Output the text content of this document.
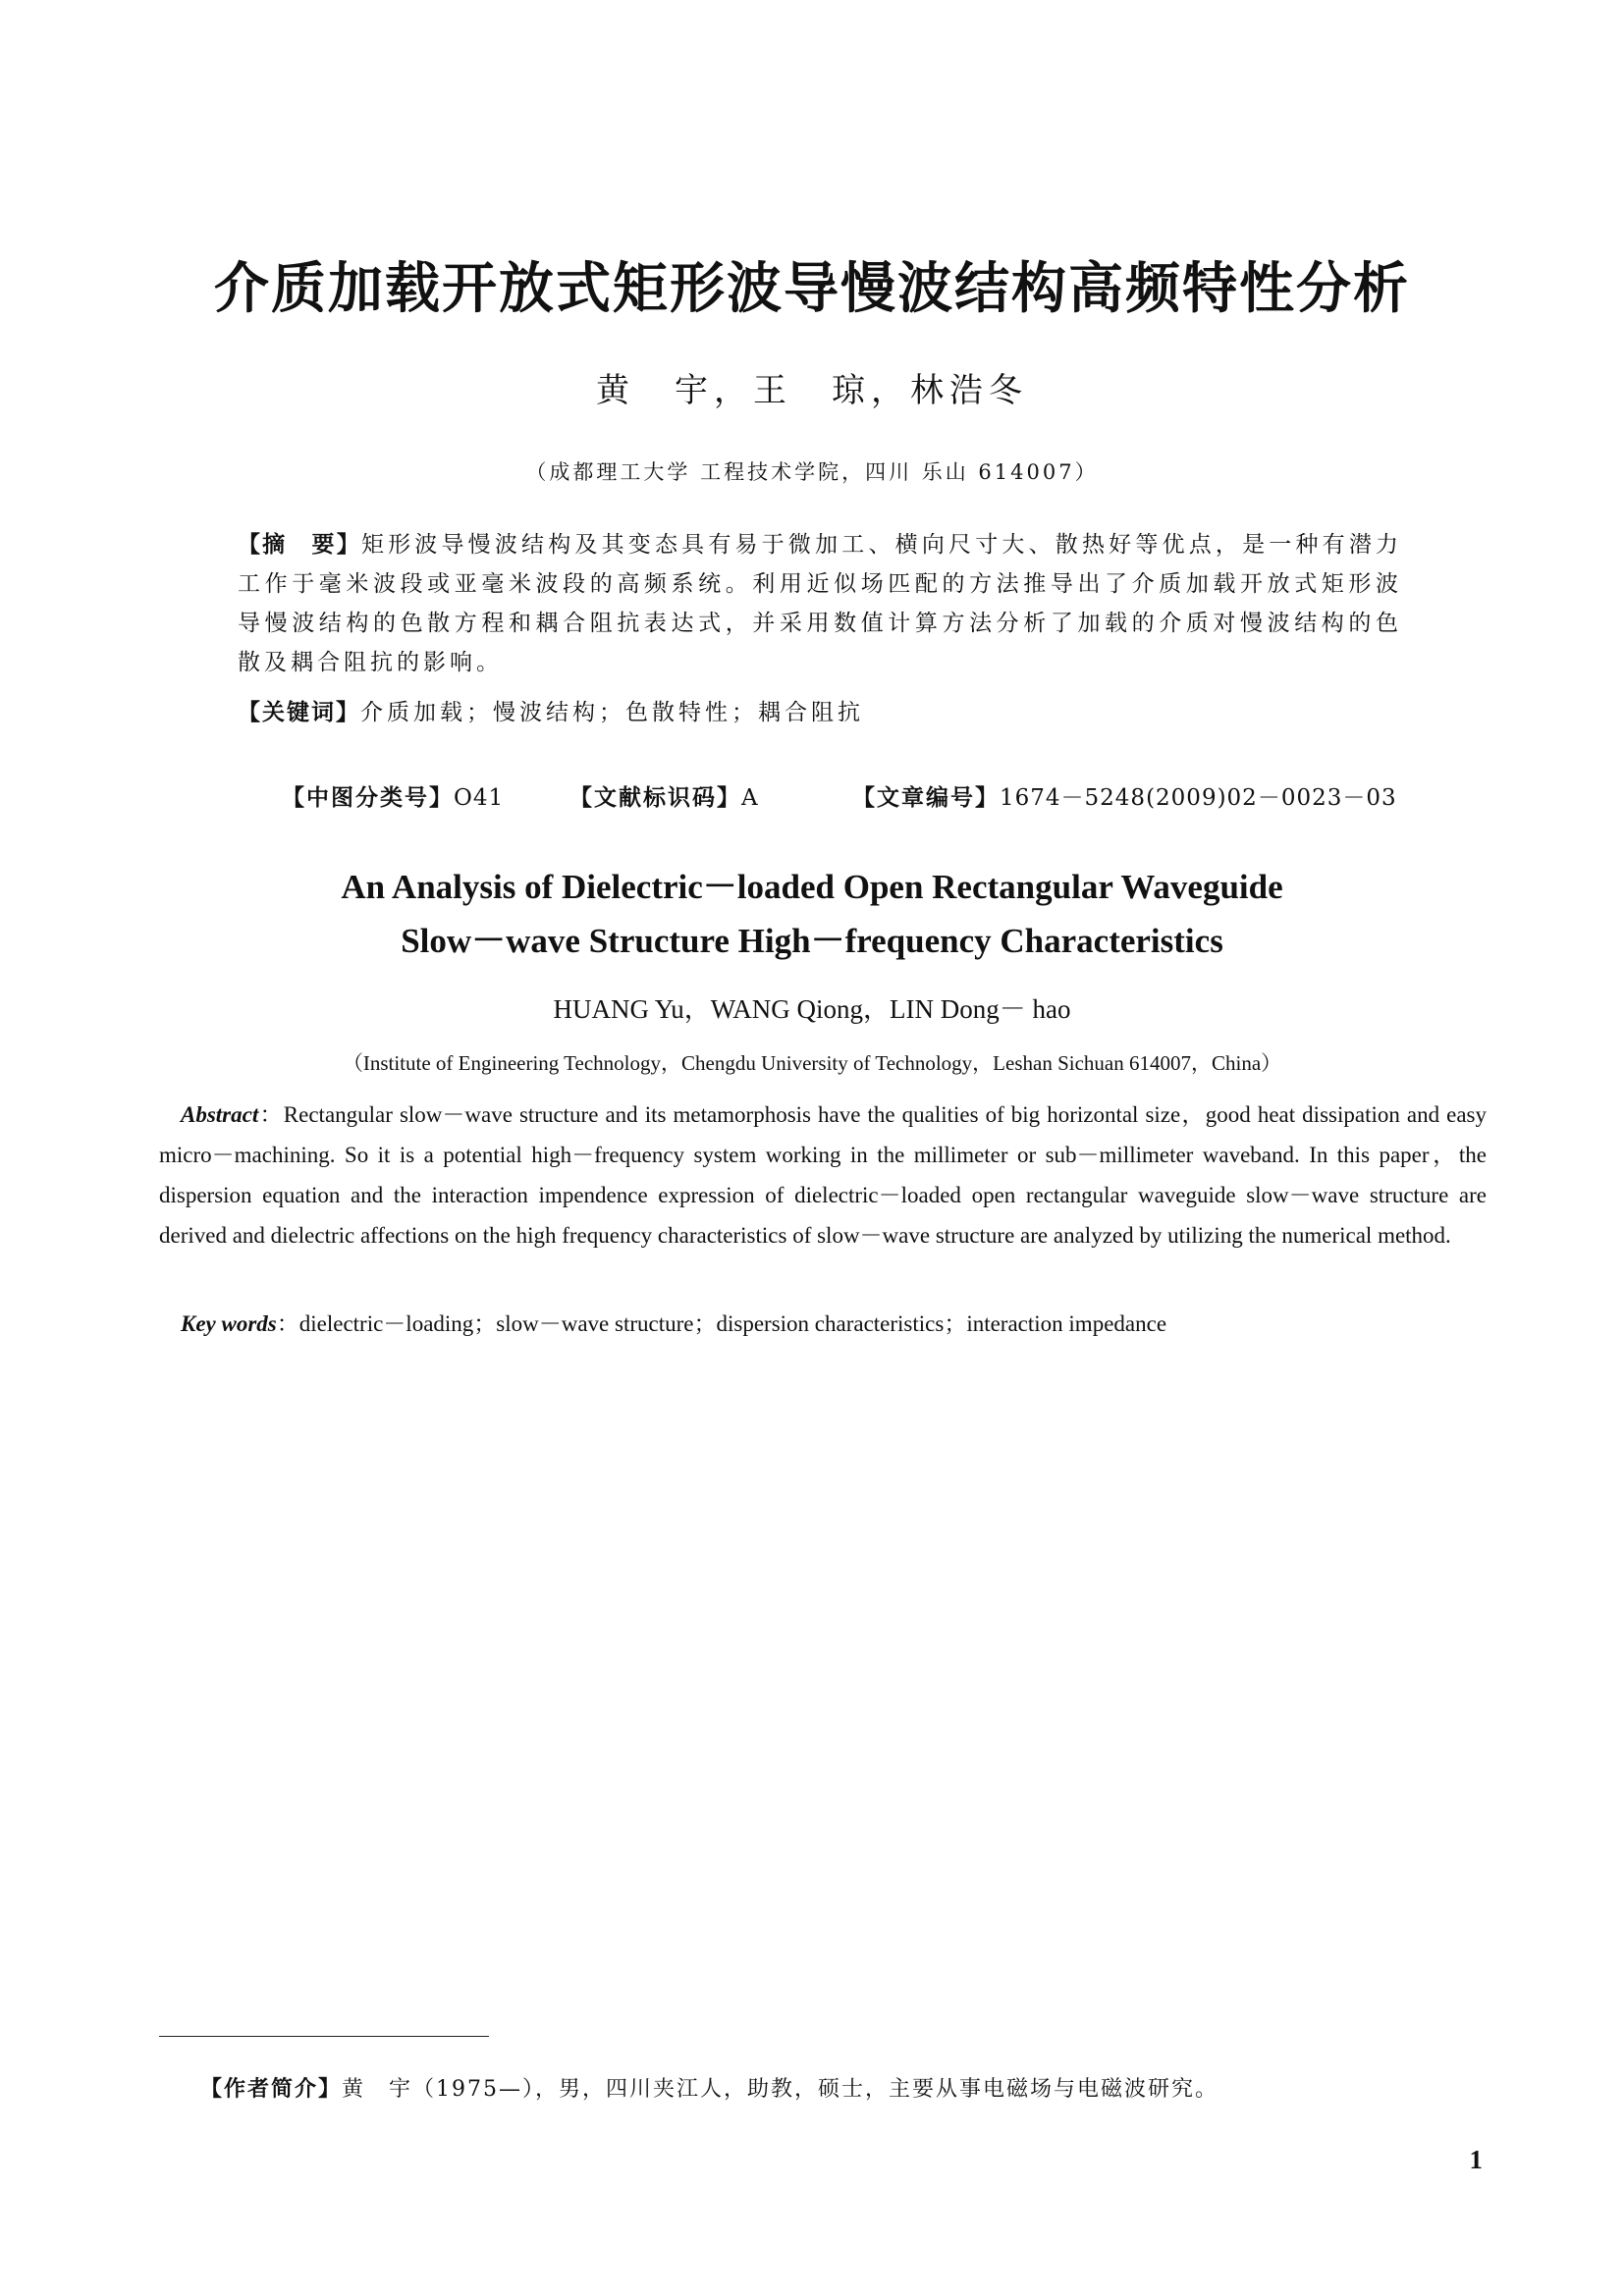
介质加载开放式矩形波导慢波结构高频特性分析
黄　宇，王　琼，林浩冬
（成都理工大学 工程技术学院，四川 乐山 614007）
【摘　要】矩形波导慢波结构及其变态具有易于微加工、横向尺寸大、散热好等优点，是一种有潜力工作于毫米波段或亚毫米波段的高频系统。利用近似场匹配的方法推导出了介质加载开放式矩形波导慢波结构的色散方程和耦合阻抗表达式，并采用数值计算方法分析了加载的介质对慢波结构的色散及耦合阻抗的影响。
【关键词】介质加载；慢波结构；色散特性；耦合阻抗
【中图分类号】O41	【文献标识码】A	【文章编号】1674－5248(2009)02－0023－03
An Analysis of Dielectric－loaded Open Rectangular Waveguide
Slow－wave Structure High－frequency Characteristics
HUANG Yu，WANG Qiong，LIN Dong－ hao
（Institute of Engineering Technology，Chengdu University of Technology，Leshan Sichuan 614007，China）
Abstract：Rectangular slow－wave structure and its metamorphosis have the qualities of big horizontal size，good heat dissipation and easy micro－machining. So it is a potential high－frequency system working in the millimeter or sub－millimeter waveband. In this paper，the dispersion equation and the interaction impendence expression of dielectric－loaded open rectangular waveguide slow－wave structure are derived and dielectric affections on the high frequency characteristics of slow－wave structure are analyzed by utilizing the numerical method.
Key words：dielectric－loading；slow－wave structure；dispersion characteristics；interaction impedance
【作者简介】黄　宇（1975—），男，四川夹江人，助教，硕士，主要从事电磁场与电磁波研究。
1
